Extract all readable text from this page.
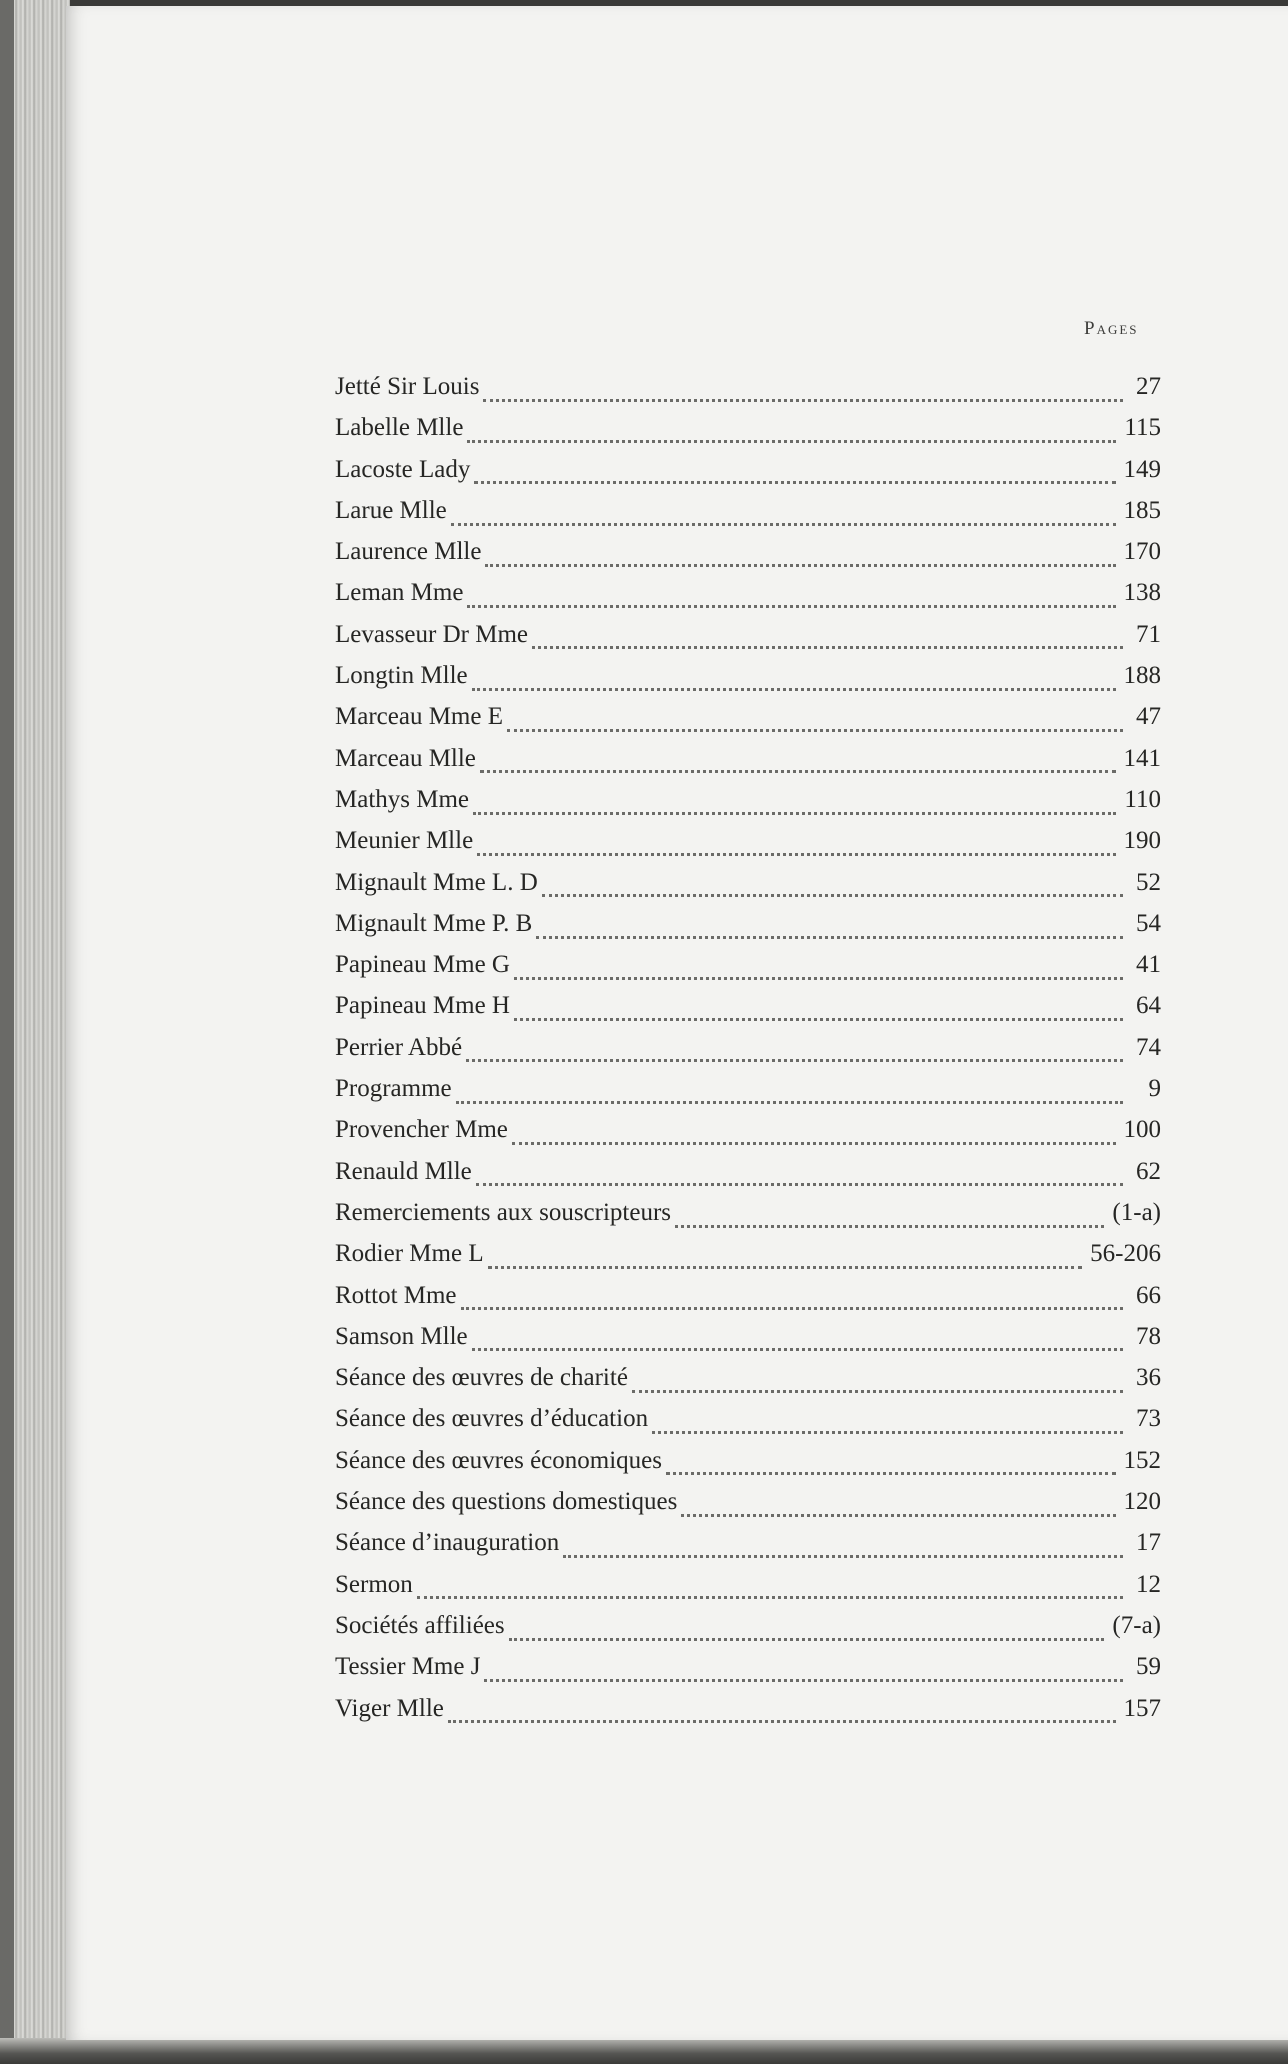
Pages
Jetté Sir Louis	27
Labelle Mlle	115
Lacoste Lady	149
Larue Mlle	185
Laurence Mlle	170
Leman Mme	138
Levasseur Dr Mme	71
Longtin Mlle	188
Marceau Mme E	47
Marceau Mlle	141
Mathys Mme	110
Meunier Mlle	190
Mignault Mme L. D	52
Mignault Mme P. B	54
Papineau Mme G	41
Papineau Mme H	64
Perrier Abbé	74
Programme	9
Provencher Mme	100
Renauld Mlle	62
Remerciements aux souscripteurs	(1-a)
Rodier Mme L	56-206
Rottot Mme	66
Samson Mlle	78
Séance des œuvres de charité	36
Séance des œuvres d’éducation	73
Séance des œuvres économiques	152
Séance des questions domestiques	120
Séance d’inauguration	17
Sermon	12
Sociétés affiliées	(7-a)
Tessier Mme J	59
Viger Mlle	157
